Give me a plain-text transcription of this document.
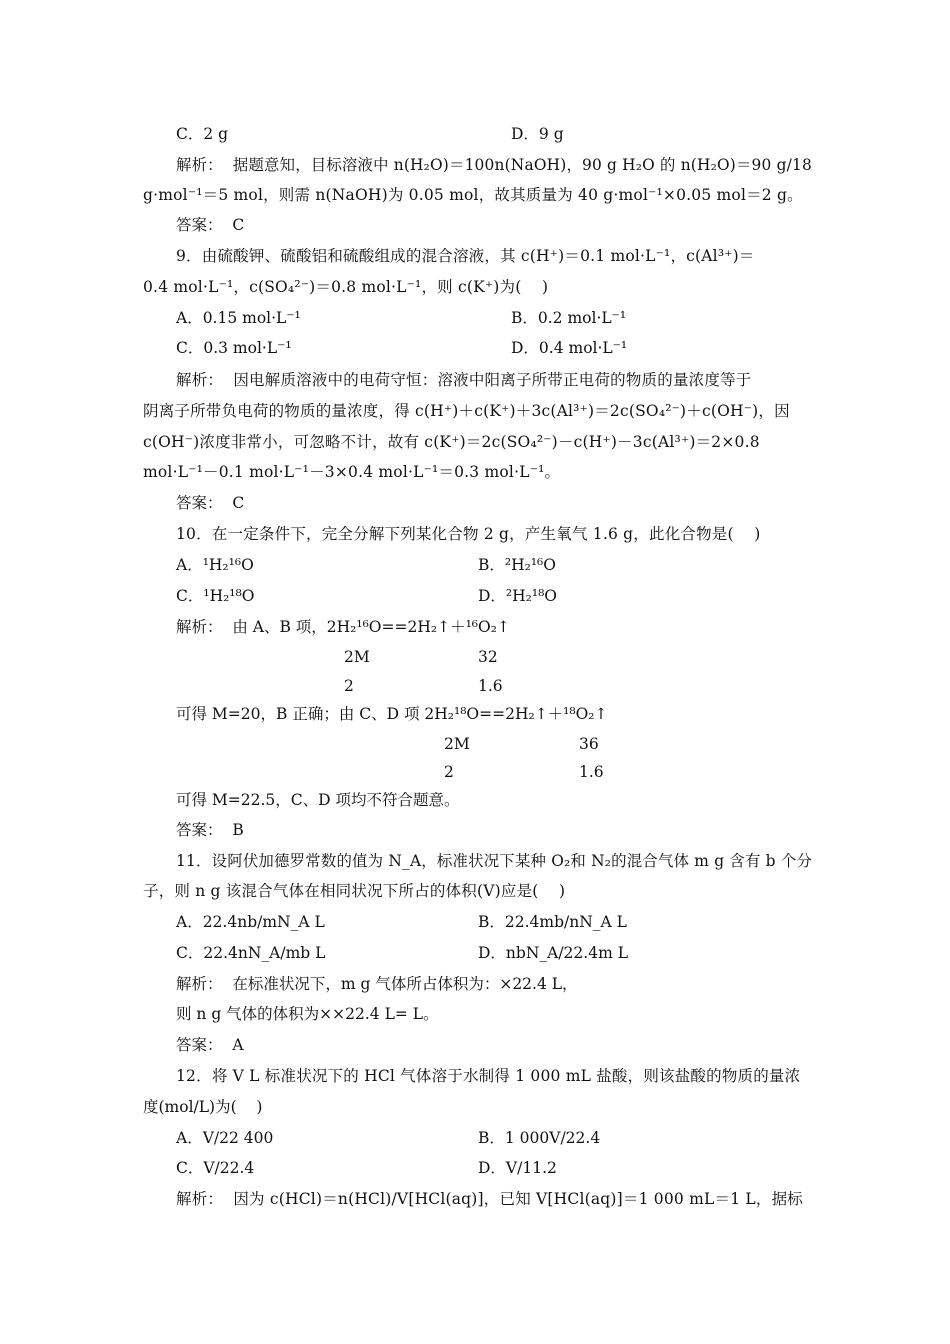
C．2 g	D．9 g
解析：  据题意知，目标溶液中 n(H₂O)＝100n(NaOH)，90 g H₂O 的 n(H₂O)＝90 g/18
g·mol⁻¹＝5 mol，则需 n(NaOH)为 0.05 mol，故其质量为 40 g·mol⁻¹×0.05 mol＝2 g。
答案：  C
9．由硫酸钾、硫酸铝和硫酸组成的混合溶液，其 c(H⁺)＝0.1 mol·L⁻¹，c(Al³⁺)＝
0.4 mol·L⁻¹，c(SO₄²⁻)＝0.8 mol·L⁻¹，则 c(K⁺)为(    )
A．0.15 mol·L⁻¹	B．0.2 mol·L⁻¹
C．0.3 mol·L⁻¹	D．0.4 mol·L⁻¹
解析：  因电解质溶液中的电荷守恒：溶液中阳离子所带正电荷的物质的量浓度等于
阴离子所带负电荷的物质的量浓度，得 c(H⁺)＋c(K⁺)＋3c(Al³⁺)＝2c(SO₄²⁻)＋c(OH⁻)，因
c(OH⁻)浓度非常小，可忽略不计，故有 c(K⁺)＝2c(SO₄²⁻)－c(H⁺)－3c(Al³⁺)＝2×0.8
mol·L⁻¹－0.1 mol·L⁻¹－3×0.4 mol·L⁻¹＝0.3 mol·L⁻¹。
答案：  C
10．在一定条件下，完全分解下列某化合物 2 g，产生氧气 1.6 g，此化合物是(    )
A．¹H₂¹⁶O	B．²H₂¹⁶O
C．¹H₂¹⁸O	D．²H₂¹⁸O
解析：  由 A、B 项，2H₂¹⁶O==2H₂↑＋¹⁶O₂↑
2M	32
2	1.6
可得 M=20，B 正确；由 C、D 项 2H₂¹⁸O==2H₂↑＋¹⁸O₂↑
2M	36
2	1.6
可得 M=22.5，C、D 项均不符合题意。
答案：  B
11．设阿伏加德罗常数的值为 N_A，标准状况下某种 O₂和 N₂的混合气体 m g 含有 b 个分
子，则 n g 该混合气体在相同状况下所占的体积(V)应是(    )
A．22.4nb/mN_A L	B．22.4mb/nN_A L
C．22.4nN_A/mb L	D．nbN_A/22.4m L
解析：  在标准状况下，m g 气体所占体积为：×22.4 L，
则 n g 气体的体积为××22.4 L= L。
答案：  A
12．将 V L 标准状况下的 HCl 气体溶于水制得 1 000 mL 盐酸，则该盐酸的物质的量浓
度(mol/L)为(    )
A．V/22 400	B．1 000V/22.4
C．V/22.4	D．V/11.2
解析：  因为 c(HCl)＝n(HCl)/V[HCl(aq)]，已知 V[HCl(aq)]＝1 000 mL＝1 L，据标
